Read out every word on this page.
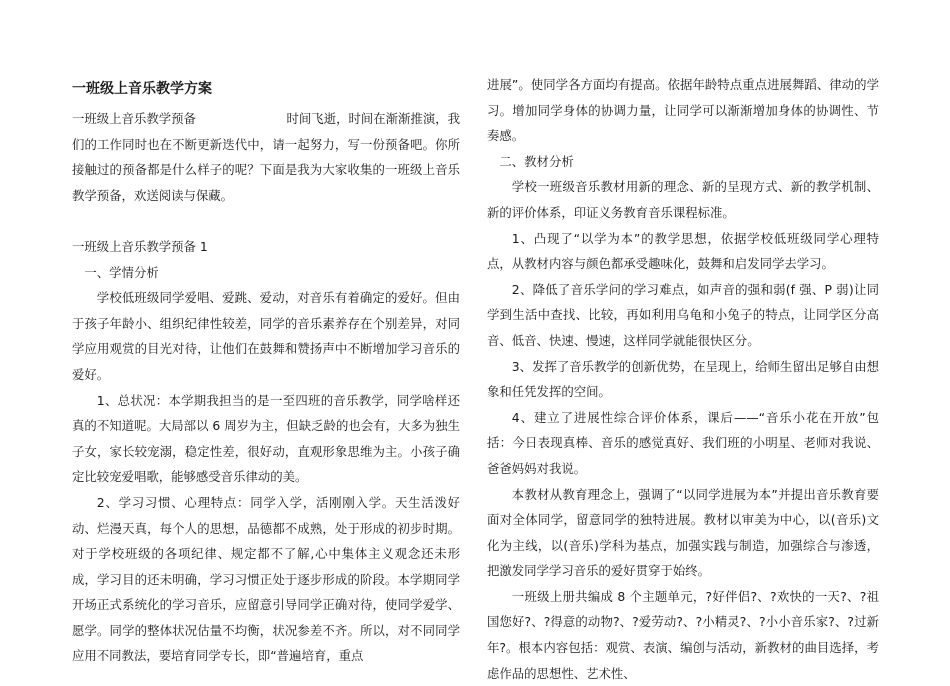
一班级上音乐教学方案
一班级上音乐教学预备	时间飞逝，时间在渐渐推演，我

们的工作同时也在不断更新迭代中，请一起努力，写一份预备吧。你所接触过的预备都是什么样子的呢？下面是我为大家收集的一班级上音乐教学预备，欢送阅读与保藏。

一班级上音乐教学预备 1

一、学情分析

学校低班级同学爱唱、爱跳、爱动，对音乐有着确定的爱好。但由于孩子年龄小、组织纪律性较差，同学的音乐素养存在个别差异，对同学应用观赏的目光对待，让他们在鼓舞和赞扬声中不断增加学习音乐的爱好。

1、总状况：本学期我担当的是一至四班的音乐教学，同学啥样还真的不知道呢。大局部以 6 周岁为主，但缺乏龄的也会有，大多为独生子女，家长较宠溺，稳定性差，很好动，直观形象思维为主。小孩子确定比较宠爱唱歌，能够感受音乐律动的美。

2、学习习惯、心理特点：同学入学，活刚刚入学。天生活泼好动、烂漫天真，每个人的思想，品德都不成熟，处于形成的初步时期。对于学校班级的各项纪律、规定都不了解,心中集体主义观念还未形成，学习目的还未明确，学习习惯正处于逐步形成的阶段。本学期同学开场正式系统化的学习音乐，应留意引导同学正确对待，使同学爱学、愿学。同学的整体状况估量不均衡，状况参差不齐。所以，对不同同学应用不同教法，要培育同学专长，即“普遍培育，重点

进展”。使同学各方面均有提高。依据年龄特点重点进展舞蹈、律动的学习。增加同学身体的协调力量，让同学可以渐渐增加身体的协调性、节奏感。

二、教材分析

学校一班级音乐教材用新的理念、新的呈现方式、新的教学机制、新的评价体系，印证义务教育音乐课程标准。

1、凸现了“以学为本”的教学思想，依据学校低班级同学心理特点，从教材内容与颜色都承受趣味化，鼓舞和启发同学去学习。

2、降低了音乐学问的学习难点，如声音的强和弱(f 强、P 弱)让同学到生活中查找、比较，再如利用乌龟和小兔子的特点，让同学区分高音、低音、快速、慢速，这样同学就能很快区分。

3、发挥了音乐教学的创新优势，在呈现上，给师生留出足够自由想象和任凭发挥的空间。

4、建立了进展性综合评价体系，课后——“音乐小花在开放”包括：今日表现真棒、音乐的感觉真好、我们班的小明星、老师对我说、爸爸妈妈对我说。

本教材从教育理念上，强调了“以同学进展为本”并提出音乐教育要面对全体同学，留意同学的独特进展。教材以审美为中心，以(音乐)文化为主线，以(音乐)学科为基点，加强实践与制造，加强综合与渗透，把激发同学学习音乐的爱好贯穿于始终。

一班级上册共编成 8 个主题单元，?好伴侣?、?欢快的一天?、?祖国您好?、?得意的动物?、?爱劳动?、?小精灵?、?小小音乐家?、?过新年?。根本内容包括：观赏、表演、编创与活动，新教材的曲目选择，考虑作品的思想性、艺术性、
